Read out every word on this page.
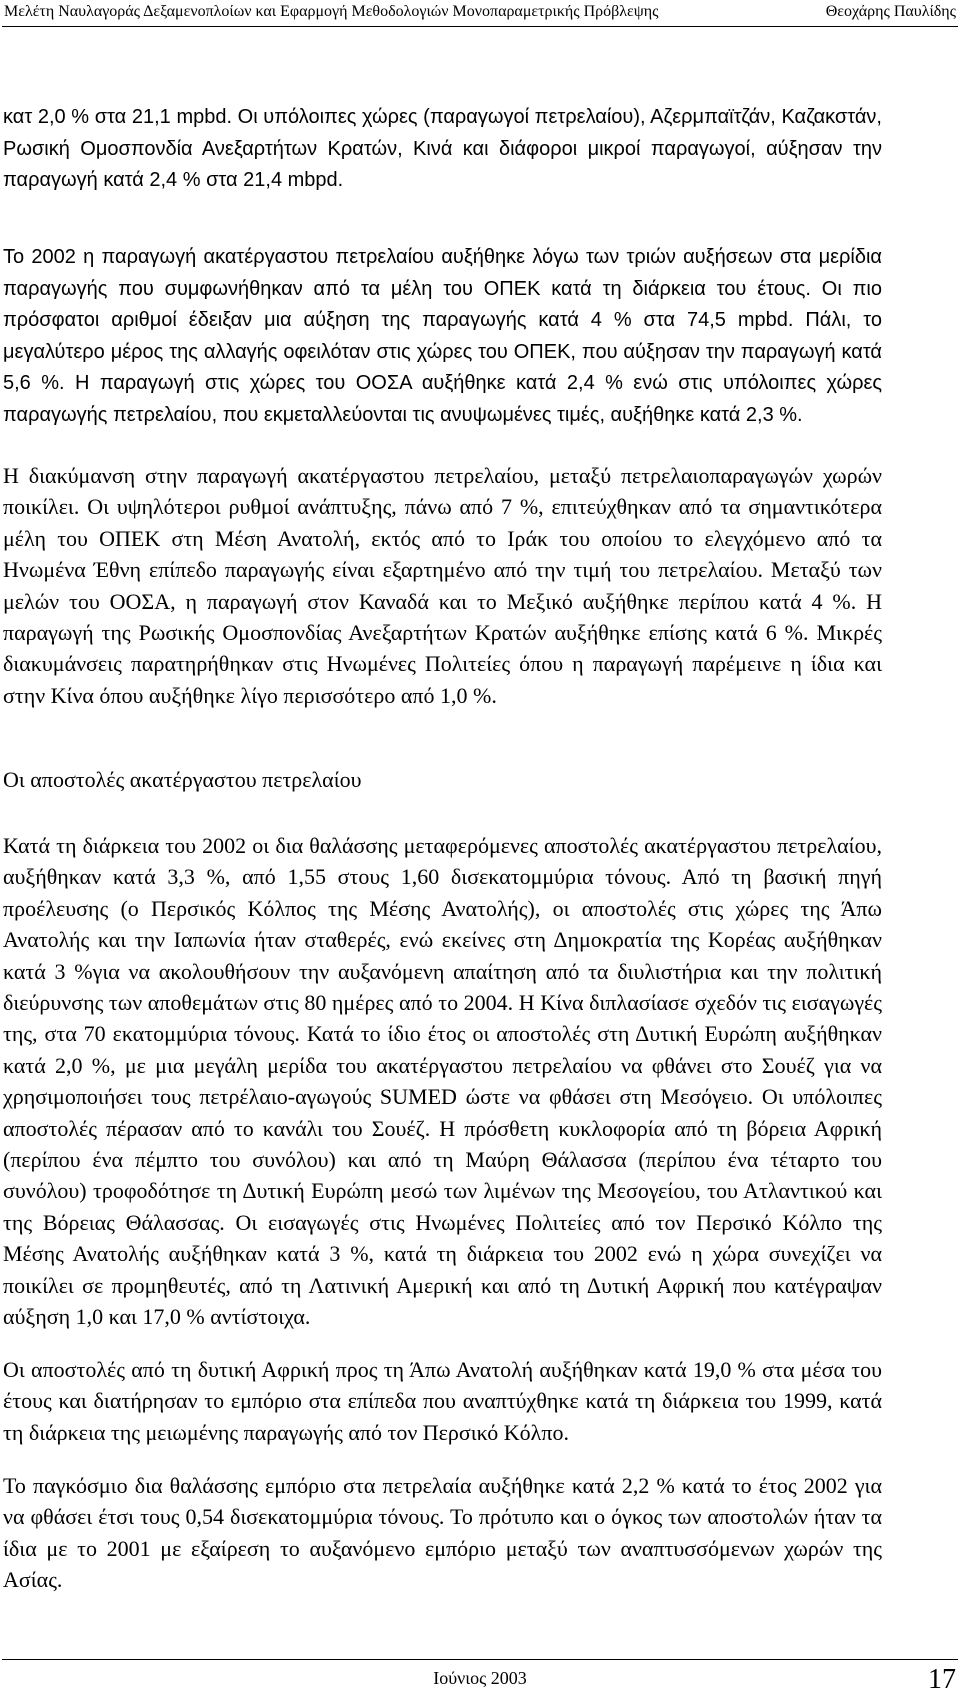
Μελέτη Ναυλαγοράς Δεξαμενοπλοίων και Εφαρμογή Μεθοδολογιών Μονοπαραμετρικής Πρόβλεψης	Θεοχάρης Παυλίδης

κατ 2,0 % στα 21,1 mpbd. Οι υπόλοιπες χώρες (παραγωγοί πετρελαίου), Αζερμπαϊτζάν, Καζακστάν, Ρωσική Ομοσπονδία Ανεξαρτήτων Κρατών, Κινά και διάφοροι μικροί παραγωγοί, αύξησαν την παραγωγή κατά 2,4 % στα 21,4 mbpd.

Το 2002 η παραγωγή ακατέργαστου πετρελαίου αυξήθηκε λόγω των τριών αυξήσεων στα μερίδια παραγωγής που συμφωνήθηκαν από τα μέλη του ΟΠΕΚ κατά τη διάρκεια του έτους. Οι πιο πρόσφατοι αριθμοί έδειξαν μια αύξηση της παραγωγής κατά 4 % στα 74,5 mpbd. Πάλι, το μεγαλύτερο μέρος της αλλαγής οφειλόταν στις χώρες του ΟΠΕΚ, που αύξησαν την παραγωγή κατά 5,6 %. Η παραγωγή στις χώρες του ΟΟΣΑ αυξήθηκε κατά 2,4 % ενώ στις υπόλοιπες χώρες παραγωγής πετρελαίου, που εκμεταλλεύονται τις ανυψωμένες τιμές, αυξήθηκε κατά 2,3 %.

Η διακύμανση στην παραγωγή ακατέργαστου πετρελαίου, μεταξύ πετρελαιοπαραγωγών χωρών ποικίλει. Οι υψηλότεροι ρυθμοί ανάπτυξης, πάνω από 7 %, επιτεύχθηκαν από τα σημαντικότερα μέλη του ΟΠΕΚ στη Μέση Ανατολή, εκτός από το Ιράκ του οποίου το ελεγχόμενο από τα Ηνωμένα Έθνη επίπεδο παραγωγής είναι εξαρτημένο από την τιμή του πετρελαίου. Μεταξύ των μελών του ΟΟΣΑ, η παραγωγή στον Καναδά και το Μεξικό αυξήθηκε περίπου κατά 4 %. Η παραγωγή της Ρωσικής Ομοσπονδίας Ανεξαρτήτων Κρατών αυξήθηκε επίσης κατά 6 %. Μικρές διακυμάνσεις παρατηρήθηκαν στις Ηνωμένες Πολιτείες όπου η παραγωγή παρέμεινε η ίδια και στην Κίνα όπου αυξήθηκε λίγο περισσότερο από 1,0 %.

Οι αποστολές ακατέργαστου πετρελαίου

Κατά τη διάρκεια του 2002 οι δια θαλάσσης μεταφερόμενες αποστολές ακατέργαστου πετρελαίου, αυξήθηκαν κατά 3,3 %, από 1,55 στους 1,60 δισεκατομμύρια τόνους. Από τη βασική πηγή προέλευσης (ο Περσικός Κόλπος της Μέσης Ανατολής), οι αποστολές στις χώρες της Άπω Ανατολής και την Ιαπωνία ήταν σταθερές, ενώ εκείνες στη Δημοκρατία της Κορέας αυξήθηκαν κατά 3 %για να ακολουθήσουν την αυξανόμενη απαίτηση από τα διυλιστήρια και την πολιτική διεύρυνσης των αποθεμάτων στις 80 ημέρες από το 2004. Η Κίνα διπλασίασε σχεδόν τις εισαγωγές της, στα 70 εκατομμύρια τόνους. Κατά το ίδιο έτος οι αποστολές στη Δυτική Ευρώπη αυξήθηκαν κατά 2,0 %, με μια μεγάλη μερίδα του ακατέργαστου πετρελαίου να φθάνει στο Σουέζ για να χρησιμοποιήσει τους πετρέλαιο-αγωγούς SUMED ώστε να φθάσει στη Μεσόγειο. Οι υπόλοιπες αποστολές πέρασαν από το κανάλι του Σουέζ. Η πρόσθετη κυκλοφορία από τη βόρεια Αφρική (περίπου ένα πέμπτο του συνόλου) και από τη Μαύρη Θάλασσα (περίπου ένα τέταρτο του συνόλου) τροφοδότησε τη Δυτική Ευρώπη μεσώ των λιμένων της Μεσογείου, του Ατλαντικού και της Βόρειας Θάλασσας. Οι εισαγωγές στις Ηνωμένες Πολιτείες από τον Περσικό Κόλπο της Μέσης Ανατολής αυξήθηκαν κατά 3 %, κατά τη διάρκεια του 2002 ενώ η χώρα συνεχίζει να ποικίλει σε προμηθευτές, από τη Λατινική Αμερική και από τη Δυτική Αφρική που κατέγραψαν αύξηση 1,0 και 17,0 % αντίστοιχα.

Οι αποστολές από τη δυτική Αφρική προς τη Άπω Ανατολή αυξήθηκαν κατά 19,0 % στα μέσα του έτους και διατήρησαν το εμπόριο στα επίπεδα που αναπτύχθηκε κατά τη διάρκεια του 1999, κατά τη διάρκεια της μειωμένης παραγωγής από τον Περσικό Κόλπο.

Το παγκόσμιο δια θαλάσσης εμπόριο στα πετρελαία αυξήθηκε κατά 2,2 % κατά το έτος 2002 για να φθάσει έτσι τους 0,54 δισεκατομμύρια τόνους. Το πρότυπο και ο όγκος των αποστολών ήταν τα ίδια με το 2001 με εξαίρεση το αυξανόμενο εμπόριο μεταξύ των αναπτυσσόμενων χωρών της Ασίας.

Ιούνιος 2003	17
